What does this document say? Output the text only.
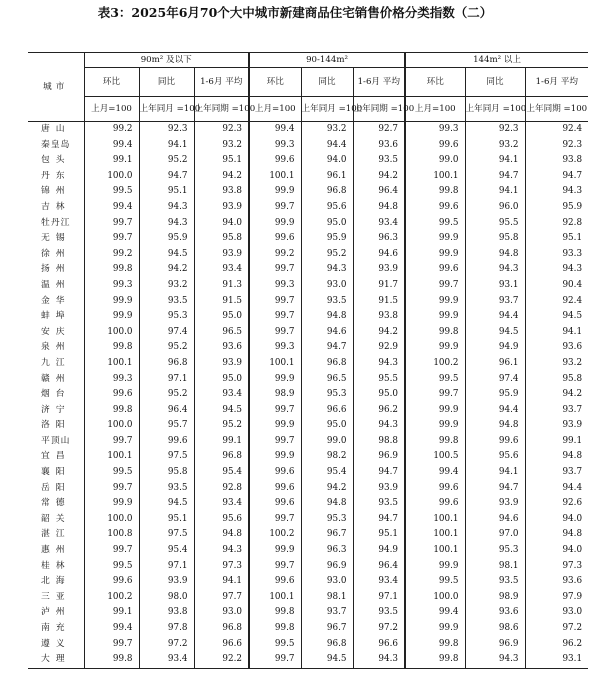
表3：2025年6月70个大中城市新建商品住宅销售价格分类指数（二）
城市	90m² 及以下			90-144m²			144m² 以上		
	环比	同比	1-6月 平均	环比	同比	1-6月 平均	环比	同比	1-6月 平均
	上月=100	上年同月 =100	上年同期 =100	上月=100	上年同月 =100	上年同期 =100	上月=100	上年同月 =100	上年同期 =100
唐山	99.2	92.3	92.3	99.4	93.2	92.7	99.3	92.3	92.4
秦皇岛	99.4	94.1	93.2	99.3	94.4	93.6	99.6	93.2	92.3
包头	99.1	95.2	95.1	99.6	94.0	93.5	99.0	94.1	93.8
丹东	100.0	94.7	94.2	100.1	96.1	94.2	100.1	94.7	94.7
锦州	99.5	95.1	93.8	99.9	96.8	96.4	99.8	94.1	94.3
吉林	99.4	94.3	93.9	99.7	95.6	94.8	99.6	96.0	95.9
牡丹江	99.7	94.3	94.0	99.9	95.0	93.4	99.5	95.5	92.8
无锡	99.7	95.9	95.8	99.6	95.9	96.3	99.9	95.8	95.1
徐州	99.2	94.5	93.9	99.2	95.2	94.6	99.9	94.8	93.3
扬州	99.8	94.2	93.4	99.7	94.3	93.9	99.6	94.3	94.3
温州	99.3	93.2	91.3	99.3	93.0	91.7	99.7	93.1	90.4
金华	99.9	93.5	91.5	99.7	93.5	91.5	99.9	93.7	92.4
蚌埠	99.9	95.3	95.0	99.7	94.8	93.8	99.9	94.4	94.5
安庆	100.0	97.4	96.5	99.7	94.6	94.2	99.8	94.5	94.1
泉州	99.8	95.2	93.6	99.3	94.7	92.9	99.9	94.9	93.6
九江	100.1	96.8	93.9	100.1	96.8	94.3	100.2	96.1	93.2
赣州	99.3	97.1	95.0	99.9	96.5	95.5	99.5	97.4	95.8
烟台	99.6	95.2	93.4	98.9	95.3	95.0	99.7	95.9	94.2
济宁	99.8	96.4	94.5	99.7	96.6	96.2	99.9	94.4	93.7
洛阳	100.0	95.7	95.2	99.9	95.0	94.3	99.9	94.8	93.9
平顶山	99.7	99.6	99.1	99.7	99.0	98.8	99.8	99.6	99.1
宜昌	100.1	97.5	96.8	99.9	98.2	96.9	100.5	95.6	94.8
襄阳	99.5	95.8	95.4	99.6	95.4	94.7	99.4	94.1	93.7
岳阳	99.7	93.5	92.8	99.6	94.2	93.9	99.6	94.7	94.4
常德	99.9	94.5	93.4	99.6	94.8	93.5	99.6	93.9	92.6
韶关	100.0	95.1	95.6	99.7	95.3	94.7	100.1	94.6	94.0
湛江	100.8	97.5	94.8	100.2	96.7	95.1	100.1	97.0	94.8
惠州	99.7	95.4	94.3	99.9	96.3	94.9	100.1	95.3	94.0
桂林	99.5	97.1	97.3	99.7	96.9	96.4	99.9	98.1	97.3
北海	99.6	93.9	94.1	99.6	93.0	93.4	99.5	93.5	93.6
三亚	100.2	98.0	97.7	100.1	98.1	97.1	100.0	98.9	97.9
泸州	99.1	93.8	93.0	99.8	93.7	93.5	99.4	93.6	93.0
南充	99.4	97.8	96.8	99.8	96.7	97.2	99.9	98.6	97.2
遵义	99.7	97.2	96.6	99.5	96.8	96.6	99.8	96.9	96.2
大理	99.8	93.4	92.2	99.7	94.5	94.3	99.8	94.3	93.1
